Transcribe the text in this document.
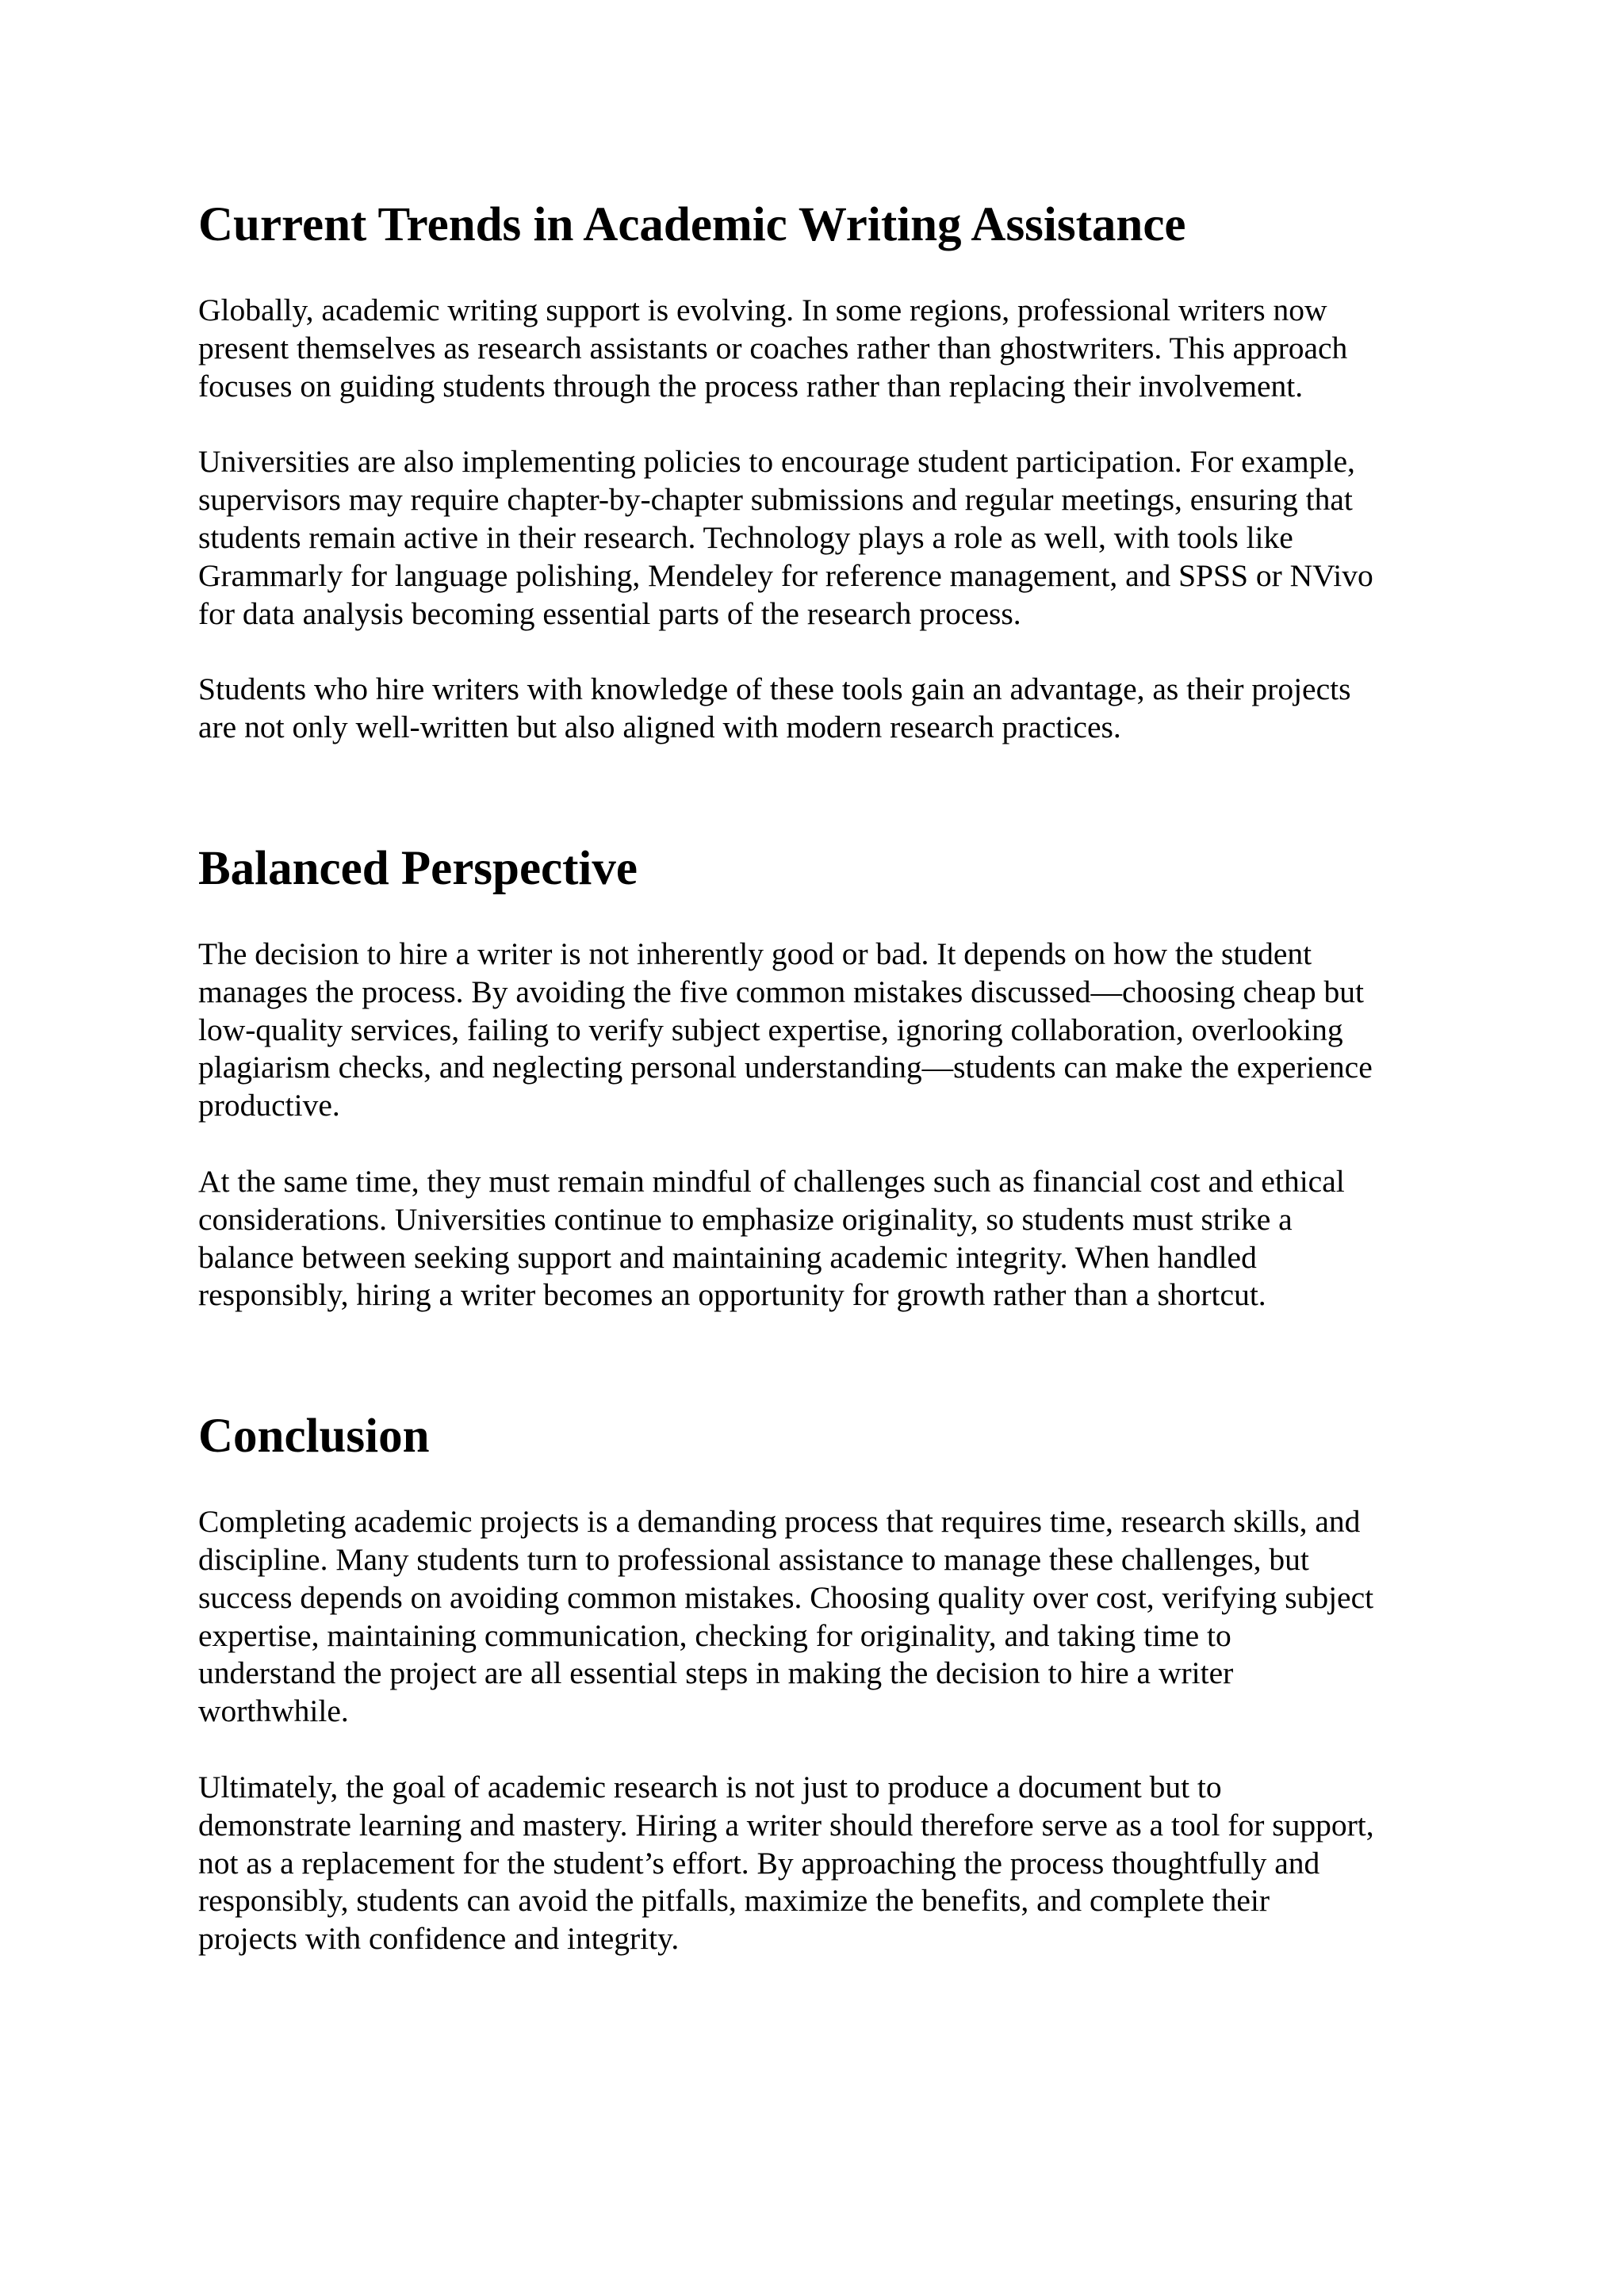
Current Trends in Academic Writing Assistance

Globally, academic writing support is evolving. In some regions, professional writers now
present themselves as research assistants or coaches rather than ghostwriters. This approach
focuses on guiding students through the process rather than replacing their involvement.

Universities are also implementing policies to encourage student participation. For example,
supervisors may require chapter-by-chapter submissions and regular meetings, ensuring that
students remain active in their research. Technology plays a role as well, with tools like
Grammarly for language polishing, Mendeley for reference management, and SPSS or NVivo
for data analysis becoming essential parts of the research process.

Students who hire writers with knowledge of these tools gain an advantage, as their projects
are not only well-written but also aligned with modern research practices.

Balanced Perspective

The decision to hire a writer is not inherently good or bad. It depends on how the student
manages the process. By avoiding the five common mistakes discussed—choosing cheap but
low-quality services, failing to verify subject expertise, ignoring collaboration, overlooking
plagiarism checks, and neglecting personal understanding—students can make the experience
productive.

At the same time, they must remain mindful of challenges such as financial cost and ethical
considerations. Universities continue to emphasize originality, so students must strike a
balance between seeking support and maintaining academic integrity. When handled
responsibly, hiring a writer becomes an opportunity for growth rather than a shortcut.

Conclusion

Completing academic projects is a demanding process that requires time, research skills, and
discipline. Many students turn to professional assistance to manage these challenges, but
success depends on avoiding common mistakes. Choosing quality over cost, verifying subject
expertise, maintaining communication, checking for originality, and taking time to
understand the project are all essential steps in making the decision to hire a writer
worthwhile.

Ultimately, the goal of academic research is not just to produce a document but to
demonstrate learning and mastery. Hiring a writer should therefore serve as a tool for support,
not as a replacement for the student’s effort. By approaching the process thoughtfully and
responsibly, students can avoid the pitfalls, maximize the benefits, and complete their
projects with confidence and integrity.
